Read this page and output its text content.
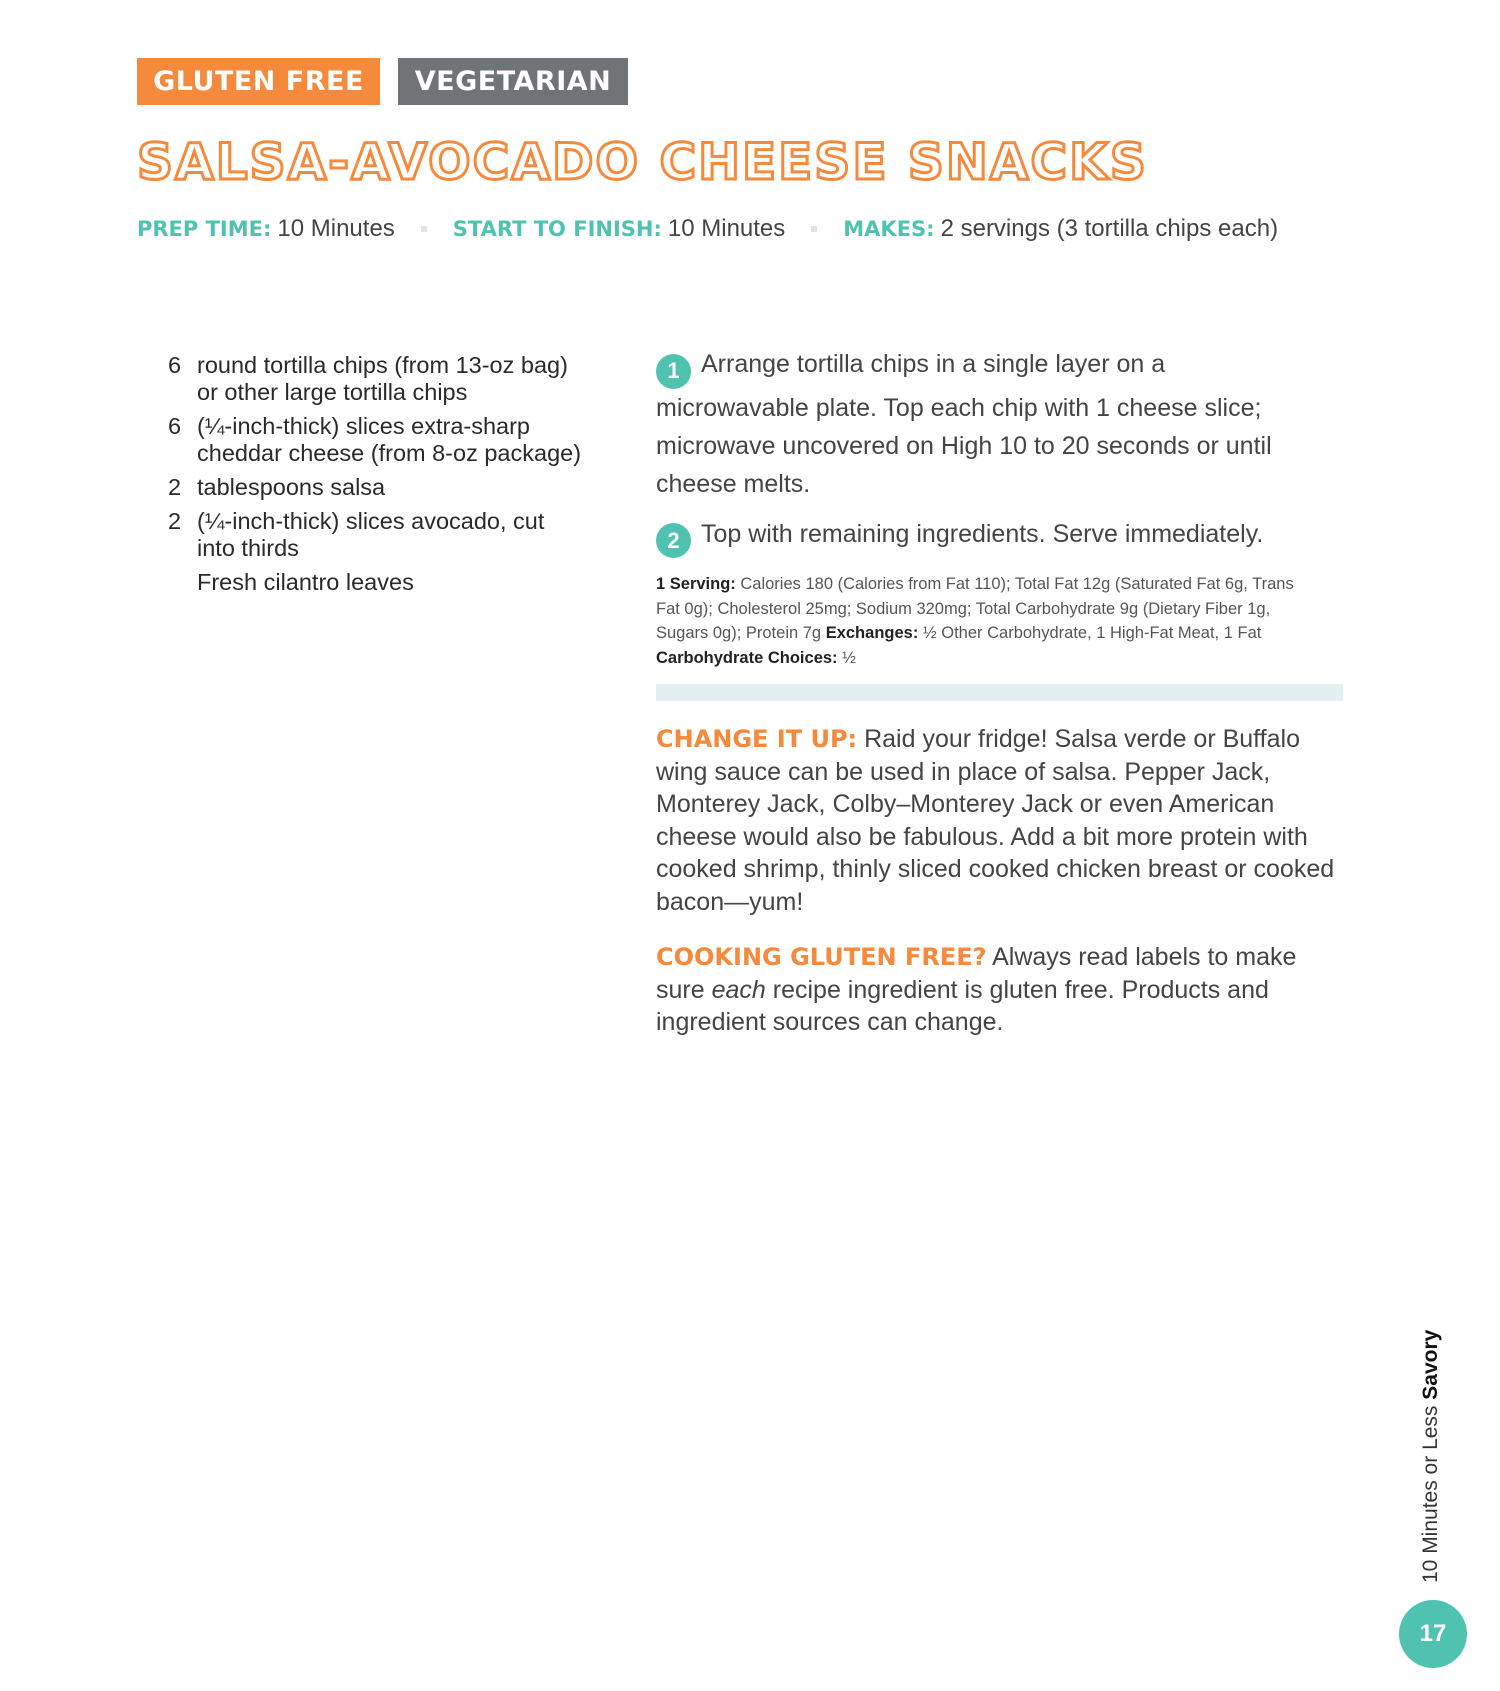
GLUTEN FREE	VEGETARIAN
SALSA-AVOCADO CHEESE SNACKS
PREP TIME: 10 Minutes	START TO FINISH: 10 Minutes	MAKES: 2 servings (3 tortilla chips each)
6 round tortilla chips (from 13-oz bag) or other large tortilla chips
6 (¼-inch-thick) slices extra-sharp cheddar cheese (from 8-oz package)
2 tablespoons salsa
2 (¼-inch-thick) slices avocado, cut into thirds
Fresh cilantro leaves

1 Arrange tortilla chips in a single layer on a microwavable plate. Top each chip with 1 cheese slice; microwave uncovered on High 10 to 20 seconds or until cheese melts.

2 Top with remaining ingredients. Serve immediately.

1 Serving: Calories 180 (Calories from Fat 110); Total Fat 12g (Saturated Fat 6g, Trans Fat 0g); Cholesterol 25mg; Sodium 320mg; Total Carbohydrate 9g (Dietary Fiber 1g, Sugars 0g); Protein 7g Exchanges: ½ Other Carbohydrate, 1 High-Fat Meat, 1 Fat Carbohydrate Choices: ½

CHANGE IT UP: Raid your fridge! Salsa verde or Buffalo wing sauce can be used in place of salsa. Pepper Jack, Monterey Jack, Colby–Monterey Jack or even American cheese would also be fabulous. Add a bit more protein with cooked shrimp, thinly sliced cooked chicken breast or cooked bacon—yum!

COOKING GLUTEN FREE? Always read labels to make sure each recipe ingredient is gluten free. Products and ingredient sources can change.

10 Minutes or Less Savory
17
